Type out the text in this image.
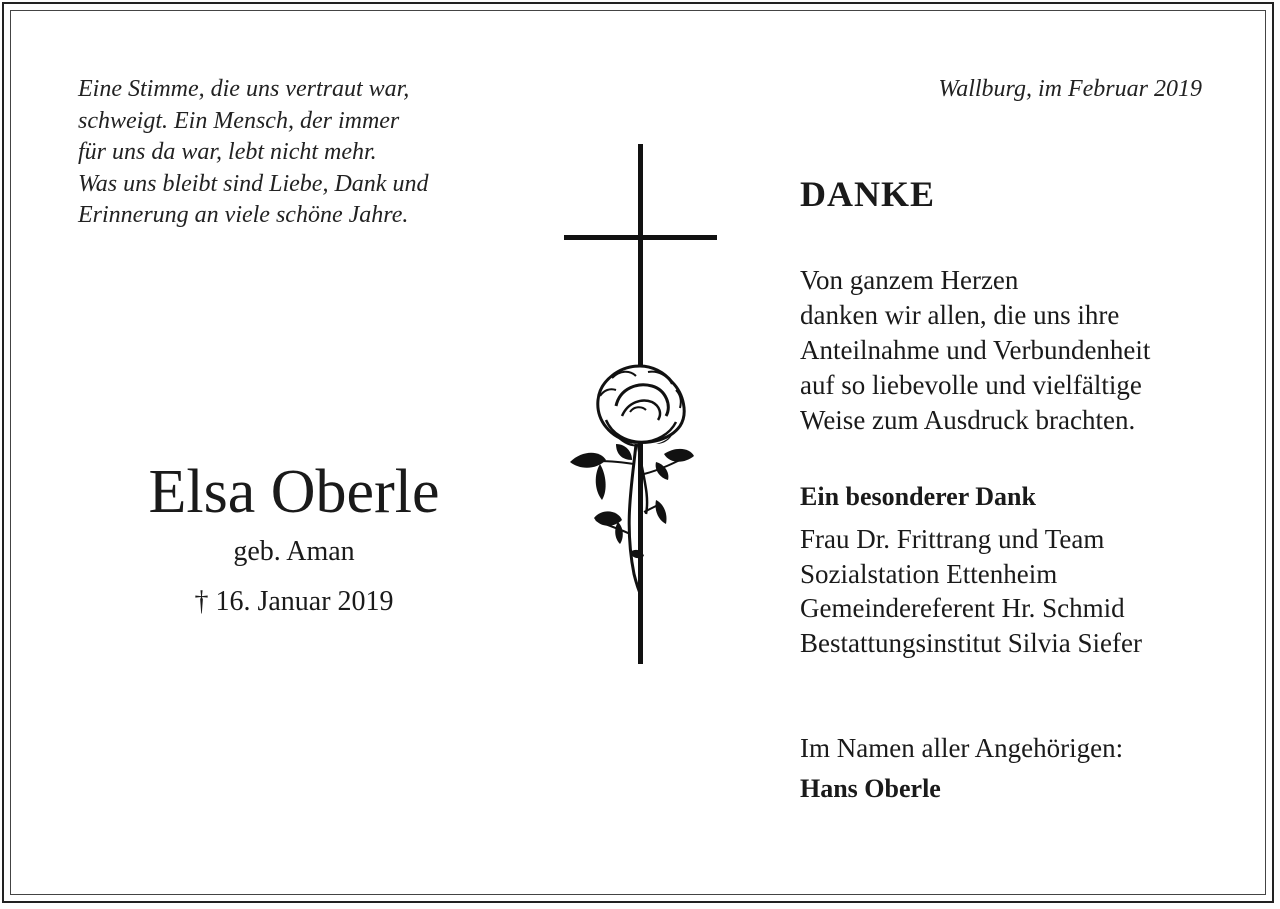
Eine Stimme, die uns vertraut war,
schweigt. Ein Mensch, der immer
für uns da war, lebt nicht mehr.
Was uns bleibt sind Liebe, Dank und
Erinnerung an viele schöne Jahre.
Wallburg, im Februar 2019
Elsa Oberle
geb. Aman
† 16. Januar 2019
DANKE
Von ganzem Herzen
danken wir allen, die uns ihre
Anteilnahme und Verbundenheit
auf so liebevolle und vielfältige
Weise zum Ausdruck brachten.
Ein besonderer Dank
Frau Dr. Frittrang und Team
Sozialstation Ettenheim
Gemeindereferent Hr. Schmid
Bestattungsinstitut Silvia Siefer
Im Namen aller Angehörigen:
Hans Oberle
